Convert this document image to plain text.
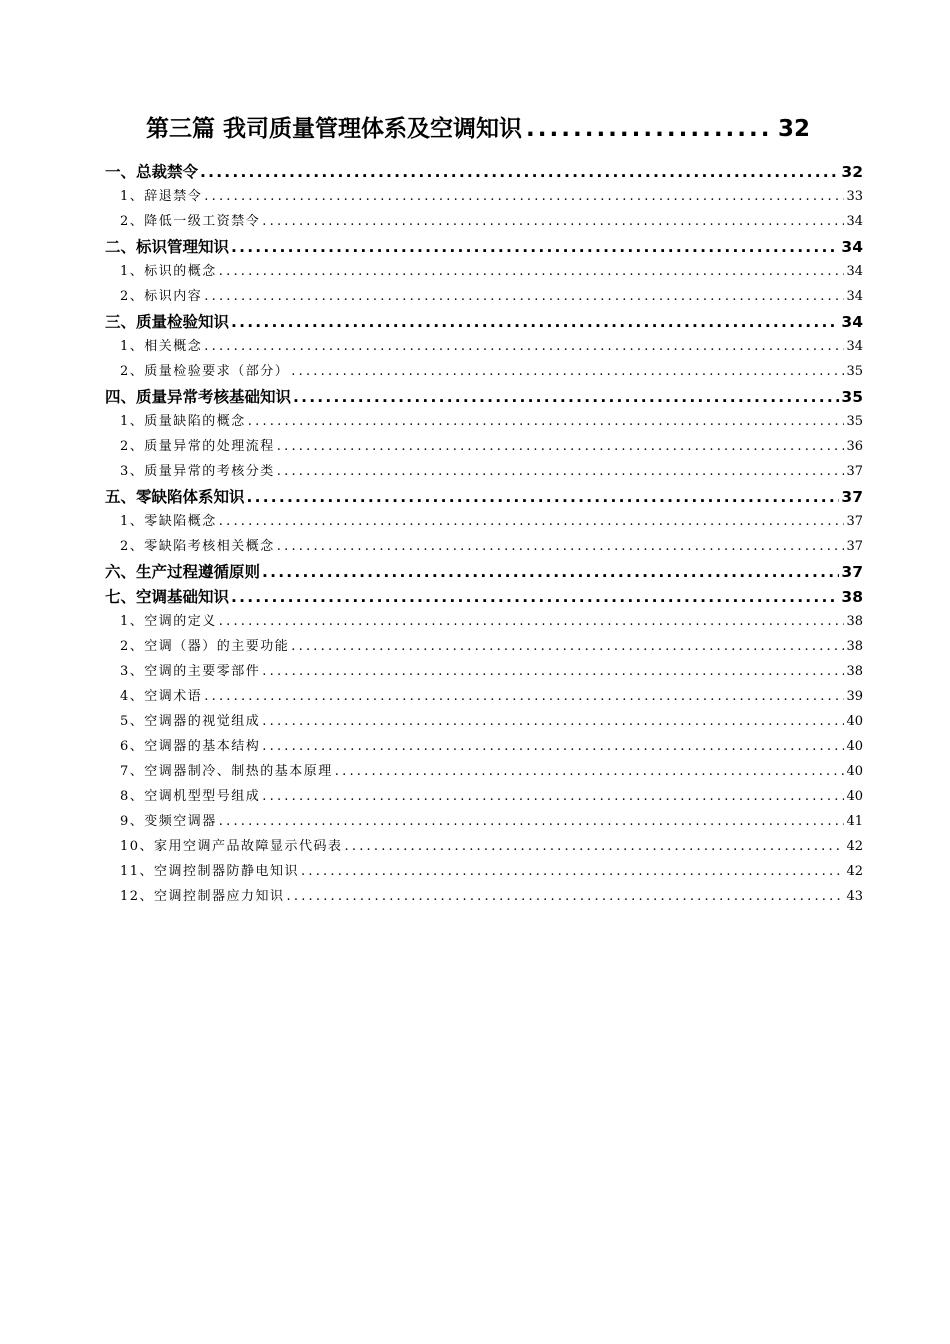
第三篇 我司质量管理体系及空调知识 .....	32
一、总裁禁令 .....	32
1、辞退禁令 .....	33
2、降低一级工资禁令 .....	34
二、标识管理知识 .....	34
1、标识的概念 .....	34
2、标识内容 .....	34
三、质量检验知识 .....	34
1、相关概念 .....	34
2、质量检验要求（部分） .....	35
四、质量异常考核基础知识 .....	35
1、质量缺陷的概念 .....	35
2、质量异常的处理流程 .....	36
3、质量异常的考核分类 .....	37
五、零缺陷体系知识 .....	37
1、零缺陷概念 .....	37
2、零缺陷考核相关概念 .....	37
六、生产过程遵循原则 .....	37
七、空调基础知识 .....	38
1、空调的定义 .....	38
2、空调（器）的主要功能 .....	38
3、空调的主要零部件 .....	38
4、空调术语 .....	39
5、空调器的视觉组成 .....	40
6、空调器的基本结构 .....	40
7、空调器制冷、制热的基本原理 .....	40
8、空调机型型号组成 .....	40
9、变频空调器 .....	41
10、家用空调产品故障显示代码表 .....	42
11、空调控制器防静电知识 .....	42
12、空调控制器应力知识 .....	43
